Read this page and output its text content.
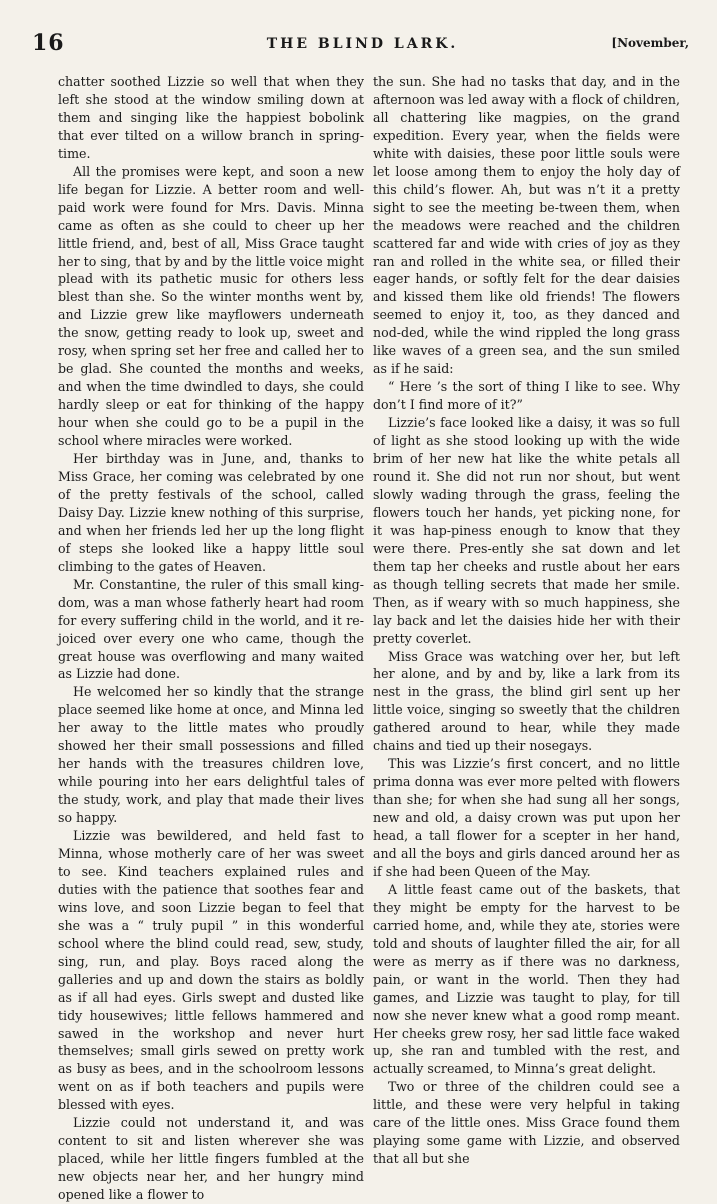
16	THE BLIND LARK.	[November,

chatter soothed Lizzie so well that when they left she stood at the window smiling down at them and singing like the happiest bobolink that ever tilted on a willow branch in spring-time.

All the promises were kept, and soon a new life began for Lizzie. A better room and well-paid work were found for Mrs. Davis. Minna came as often as she could to cheer up her little friend, and, best of all, Miss Grace taught her to sing, that by and by the little voice might plead with its pathetic music for others less blest than she. So the winter months went by, and Lizzie grew like mayflowers underneath the snow, getting ready to look up, sweet and rosy, when spring set her free and called her to be glad. She counted the months and weeks, and when the time dwindled to days, she could hardly sleep or eat for thinking of the happy hour when she could go to be a pupil in the school where miracles were worked.

Her birthday was in June, and, thanks to Miss Grace, her coming was celebrated by one of the pretty festivals of the school, called Daisy Day. Lizzie knew nothing of this surprise, and when her friends led her up the long flight of steps she looked like a happy little soul climbing to the gates of Heaven.

Mr. Constantine, the ruler of this small king-dom, was a man whose fatherly heart had room for every suffering child in the world, and it re-joiced over every one who came, though the great house was overflowing and many waited as Lizzie had done.

He welcomed her so kindly that the strange place seemed like home at once, and Minna led her away to the little mates who proudly showed her their small possessions and filled her hands with the treasures children love, while pouring into her ears delightful tales of the study, work, and play that made their lives so happy.

Lizzie was bewildered, and held fast to Minna, whose motherly care of her was sweet to see. Kind teachers explained rules and duties with the patience that soothes fear and wins love, and soon Lizzie began to feel that she was a “ truly pupil ” in this wonderful school where the blind could read, sew, study, sing, run, and play. Boys raced along the galleries and up and down the stairs as boldly as if all had eyes. Girls swept and dusted like tidy housewives; little fellows hammered and sawed in the workshop and never hurt themselves; small girls sewed on pretty work as busy as bees, and in the schoolroom lessons went on as if both teachers and pupils were blessed with eyes.

Lizzie could not understand it, and was content to sit and listen wherever she was placed, while her little fingers fumbled at the new objects near her, and her hungry mind opened like a flower to

the sun. She had no tasks that day, and in the afternoon was led away with a flock of children, all chattering like magpies, on the grand expedition. Every year, when the fields were white with daisies, these poor little souls were let loose among them to enjoy the holy day of this child’s flower. Ah, but was n’t it a pretty sight to see the meeting be-tween them, when the meadows were reached and the children scattered far and wide with cries of joy as they ran and rolled in the white sea, or filled their eager hands, or softly felt for the dear daisies and kissed them like old friends! The flowers seemed to enjoy it, too, as they danced and nod-ded, while the wind rippled the long grass like waves of a green sea, and the sun smiled as if he said:

“ Here ’s the sort of thing I like to see. Why don’t I find more of it?”

Lizzie’s face looked like a daisy, it was so full of light as she stood looking up with the wide brim of her new hat like the white petals all round it. She did not run nor shout, but went slowly wading through the grass, feeling the flowers touch her hands, yet picking none, for it was hap-piness enough to know that they were there. Pres-ently she sat down and let them tap her cheeks and rustle about her ears as though telling secrets that made her smile. Then, as if weary with so much happiness, she lay back and let the daisies hide her with their pretty coverlet.

Miss Grace was watching over her, but left her alone, and by and by, like a lark from its nest in the grass, the blind girl sent up her little voice, singing so sweetly that the children gathered around to hear, while they made chains and tied up their nosegays.

This was Lizzie’s first concert, and no little prima donna was ever more pelted with flowers than she; for when she had sung all her songs, new and old, a daisy crown was put upon her head, a tall flower for a scepter in her hand, and all the boys and girls danced around her as if she had been Queen of the May.

A little feast came out of the baskets, that they might be empty for the harvest to be carried home, and, while they ate, stories were told and shouts of laughter filled the air, for all were as merry as if there was no darkness, pain, or want in the world. Then they had games, and Lizzie was taught to play, for till now she never knew what a good romp meant. Her cheeks grew rosy, her sad little face waked up, she ran and tumbled with the rest, and actually screamed, to Minna’s great delight.

Two or three of the children could see a little, and these were very helpful in taking care of the little ones. Miss Grace found them playing some game with Lizzie, and observed that all but she
